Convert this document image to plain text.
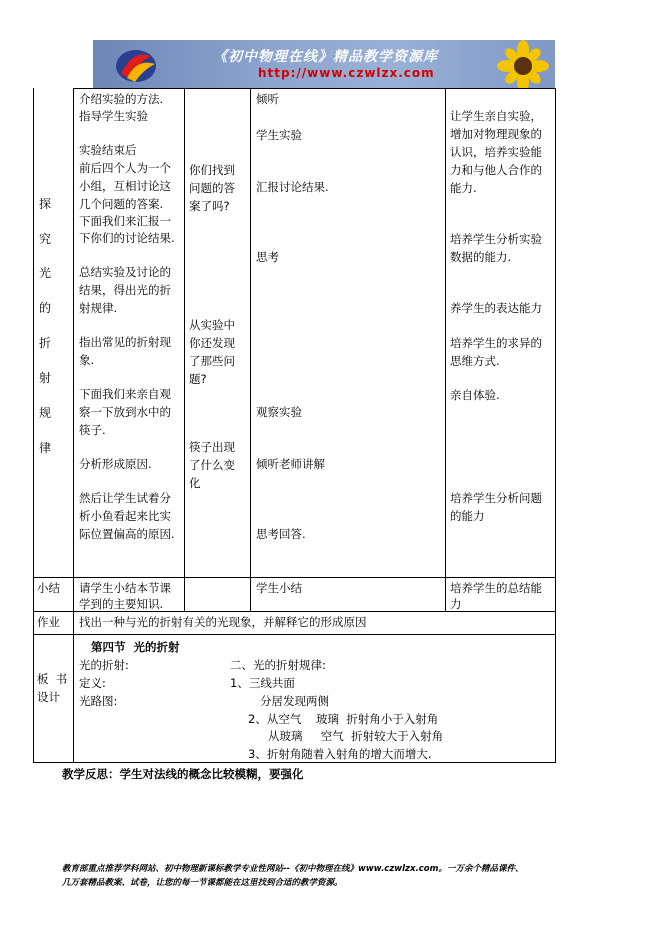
《初中物理在线》精品教学资源库
http://www.czwlzx.com
探
究
光
的
折
射
规
律
介绍实验的方法.
指导学生实验
实验结束后
前后四个人为一个
小组，互相讨论这
几个问题的答案.
下面我们来汇报一
下你们的讨论结果.
总结实验及讨论的
结果，得出光的折
射规律.
指出常见的折射现
象.
下面我们来亲自观
察一下放到水中的
筷子.
分析形成原因.
然后让学生试着分
析小鱼看起来比实
际位置偏高的原因.
你们找到
问题的答
案了吗?
从实验中
你还发现
了那些问
题?
筷子出现
了什么变
化
倾听
学生实验
汇报讨论结果.
思考
观察实验
倾听老师讲解
思考回答.
让学生亲自实验，
增加对物理现象的
认识，培养实验能
力和与他人合作的
能力.
培养学生分析实验
数据的能力.
养学生的表达能力
培养学生的求异的
思维方式.
亲自体验.
培养学生分析问题
的能力
小结 请学生小结本节课
学到的主要知识.
学生小结	培养学生的总结能
力
作业 找出一种与光的折射有关的光现象，并解释它的形成原因
板  书
设计
第四节  光的折射
光的折射:
定义:
光路图:
二、光的折射规律:
1、三线共面
分居发现两侧
2、从空气    玻璃  折射角小于入射角
从玻璃     空气  折射较大于入射角
3、折射角随着入射角的增大而增大.
教学反思：学生对法线的概念比较模糊，要强化
教育部重点推荐学科网站、初中物理新课标教学专业性网站--《初中物理在线》www.czwlzx.com。一万余个精品课件、
几万套精品教案、试卷，让您的每一节课都能在这里找到合适的教学资源。
